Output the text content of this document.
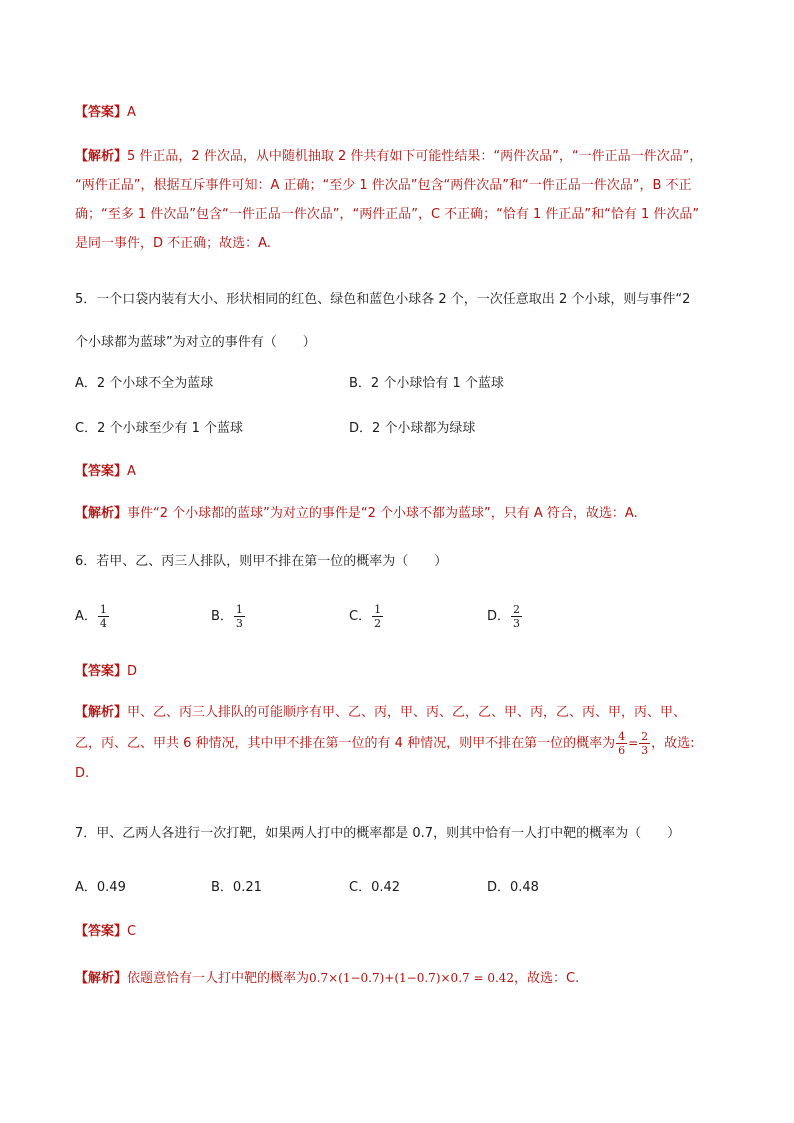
【答案】A
【解析】5 件正品，2 件次品，从中随机抽取 2 件共有如下可能性结果：“两件次品”，“一件正品一件次品”，
“两件正品”，根据互斥事件可知：A 正确；“至少 1 件次品”包含“两件次品”和“一件正品一件次品”，B 不正
确；“至多 1 件次品”包含“一件正品一件次品”，“两件正品”，C 不正确；“恰有 1 件正品”和“恰有 1 件次品”
是同一事件，D 不正确；故选：A.
5．一个口袋内装有大小、形状相同的红色、绿色和蓝色小球各 2 个，一次任意取出 2 个小球，则与事件“2
个小球都为蓝球”为对立的事件有（　　）
A．2 个小球不全为蓝球	B．2 个小球恰有 1 个蓝球
C．2 个小球至少有 1 个蓝球	D．2 个小球都为绿球
【答案】A
【解析】事件“2 个小球都的蓝球”为对立的事件是“2 个小球不都为蓝球”，只有 A 符合，故选：A.
6．若甲、乙、丙三人排队，则甲不排在第一位的概率为（　　）
A． $\frac{1}{4}$	B． $\frac{1}{3}$	C． $\frac{1}{2}$	D． $\frac{2}{3}$
【答案】D
【解析】甲、乙、丙三人排队的可能顺序有甲、乙、丙，甲、丙、乙，乙、甲、丙，乙、丙、甲，丙、甲、
乙，丙、乙、甲共 6 种情况，其中甲不排在第一位的有 4 种情况，则甲不排在第一位的概率为 $\frac{4}{6} = \frac{2}{3}$ ，故选:
D.
7．甲、乙两人各进行一次打靶，如果两人打中的概率都是 0.7，则其中恰有一人打中靶的概率为（　　）
A．0.49	B．0.21	C．0.42	D．0.48
【答案】C
【解析】依题意恰有一人打中靶的概率为0.7×(1−0.7)+(1−0.7)×0.7 = 0.42，故选：C.
